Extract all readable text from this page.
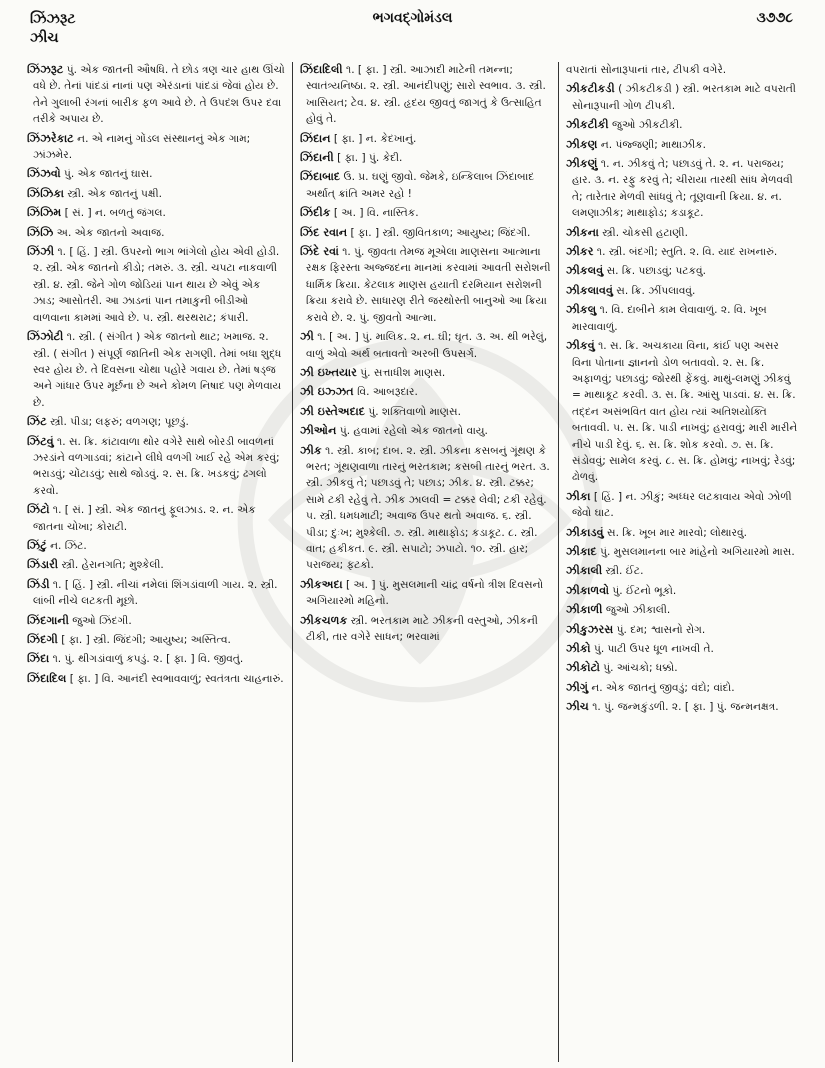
ઝિંઝરૂટ
ઝીચ
ભગવદ્ગોમંડલ	૩૭૭૮
ઝિંઝરૂટ પું. એક જાતની ઔષધિ. તે છોડ ત્રણ ચાર હાથ ઊંચો વધે છે. તેનાં પાંદડાં નાનાં પણ એરંડાનાં પાંદડાં જેવાં હોય છે. તેને ગુલાબી રંગનાં બારીક ફળ આવે છે. તે ઉપદંશ ઉપર દવા તરીકે અપાય છે.
ઝિંઝરેકાટ ન. એ નામનું ગોંડલ સંસ્થાનનું એક ગામ; ઝાંઝમેર.
ઝિંઝવો પું. એક જાતનું ઘાસ.
ઝિંઝિકા સ્ત્રી. એક જાતનું પક્ષી.
ઝિંઝિમ [ સં. ] ન. બળતું જંગલ.
ઝિંઝિ અ. એક જાતનો અવાજ.
ઝિંઝી ૧. [ હિં. ] સ્ત્રી. ઉપરનો ભાગ ભાંગેલો હોય એવી હોડી. ૨. સ્ત્રી. એક જાતનો કીડો; તમરું. ૩. સ્ત્રી. ચપટા નાકવાળી સ્ત્રી. ૪. સ્ત્રી. જેને ગોળ જોડિયાં પાન થાય છે એવું એક ઝાડ; આસોતરી. આ ઝાડનાં પાન તમાકુની બીડીઓ વાળવાના કામમાં આવે છે. ૫. સ્ત્રી. થરથરાટ; કંપારી.
ઝિંઝોટી ૧. સ્ત્રી. ( સંગીત ) એક જાતનો થાટ; ખમાજ. ૨. સ્ત્રી. ( સંગીત ) સંપૂર્ણ જાતિની એક રાગણી. તેમાં બધા શુદ્ધ સ્વર હોય છે. તે દિવસના ચોથા પહોરે ગવાય છે. તેમાં ષડ્જ અને ગાંધાર ઉપર મૂર્છના છે અને કોમળ નિષાદ પણ મેળવાય છે.
ઝિંટ સ્ત્રી. પીડા; લફરું; વળગણ; પૂછડું.
ઝિંટવું ૧. સ. ક્રિ. કાંટાવાળા થોર વગેરે સાથે બોરડી બાવળનાં ઝરડાંને વળગાડવાં; કાંટાને લીધે વળગી ખાઈ રહે એમ કરવું; ભરાડવું; ચોંટાડવું; સાથે જોડવું. ૨. સ. ક્રિ. ખડકવું; ઢગલો કરવો.
ઝિંટો ૧. [ સં. ] સ્ત્રી. એક જાતનું ફૂલઝાડ. ૨. ન. એક જાતના ચોખા; કોરાટી.
ઝિંટું ન. ઝિંટ.
ઝિંડારી સ્ત્રી. હેરાનગતિ; મુશ્કેલી.
ઝિંડી ૧. [ હિં. ] સ્ત્રી. નીચાં નમેલાં શિંગડાંવાળી ગાય. ૨. સ્ત્રી. લાંબી નીચે લટકતી મૂછો.
ઝિંદગાની જુઓ ઝિંદગી.
ઝિંદગી [ ફા. ] સ્ત્રી. જિંદગી; આયુષ્ય; અસ્તિત્વ.
ઝિંદા ૧. પું. થીગડાંવાળું કપડું. ૨. [ ફા. ] વિ. જીવતું.
ઝિંદાદિલ [ ફા. ] વિ. આનંદી સ્વભાવવાળું; સ્વતંત્રતા ચાહનારું.
ઝિંદાદિલી ૧. [ ફા. ] સ્ત્રી. આઝાદી માટેની તમન્ના; સ્વાતંત્ર્યનિષ્ઠા. ૨. સ્ત્રી. આનંદીપણું; સારો સ્વભાવ. ૩. સ્ત્રી. ખાસિયત; ટેવ. ૪. સ્ત્રી. હૃદય જીવતું જાગતું કે ઉત્સાહિત હોવું તે.
ઝિંદાન [ ફા. ] ન. કેદખાનું.
ઝિંદાની [ ફા. ] પું. કેદી.
ઝિંદાબાદ ઉ. પ્ર. ઘણું જીવો. જેમકે, ઇન્કિલાબ ઝિંદાબાદ અર્થાત્ ક્રાંતિ અમર રહો !
ઝિંદીક [ અ. ] વિ. નાસ્તિક.
ઝિંદ રવાન [ ફા. ] સ્ત્રી. જીવિતકાળ; આયુષ્ય; જિંદગી.
ઝિંદે રવાં ૧. પું. જીવતા તેમજ મૂએલા માણસના આત્માના રક્ષક ફિરસ્તા અજ્જદના માનમાં કરવામાં આવતી સરોશની ધાર્મિક ક્રિયા. કેટલાક માણસ હયાતી દરમિયાન સરોશની ક્રિયા કરાવે છે. સાધારણ રીતે જરથોસ્તી બાનુઓ આ ક્રિયા કરાવે છે. ૨. પું. જીવતો આત્મા.
ઝી ૧. [ અ. ] પું. માલિક. ૨. ન. ઘી; ઘૃત. ૩. અ. થી ભરેલું, વાળું એવો અર્થ બતાવતો અરબી ઉપસર્ગ.
ઝી ઇખ્તયાર પું. સત્તાધીશ માણસ.
ઝી ઇઝ્ઝત વિ. આબરૂદાર.
ઝી ઇસ્તેઅદાદ પું. શક્તિવાળો માણસ.
ઝીઓન પું. હવામાં રહેલો એક જાતનો વાયુ.
ઝીક ૧. સ્ત્રી. કાબ; દાબ. ૨. સ્ત્રી. ઝીકના કસબનું ગૂંથણ કે ભરત; ગૂંથણવાળા તારનું ભરતકામ; કસબી તારનું ભરત. ૩. સ્ત્રી. ઝીકવું તે; પછાડવું તે; પછાડ; ઝીક. ૪. સ્ત્રી. ટક્કર; સામે ટકી રહેવું તે. ઝીક ઝાલવી = ટક્કર લેવી; ટકી રહેવું. ૫. સ્ત્રી. ધમધમાટી; અવાજ ઉપર થતો અવાજ. ૬. સ્ત્રી. પીડા; દુઃખ; મુશ્કેલી. ૭. સ્ત્રી. માથાફોડ; કડાકૂટ. ૮. સ્ત્રી. વાત; હકીકત. ૯. સ્ત્રી. સપાટો; ઝપાટો. ૧૦. સ્ત્રી. હાર; પરાજય; ફટકો.
ઝીકઅદા [ અ. ] પું. મુસલમાની ચાંદ્ર વર્ષનો ત્રીશ દિવસનો અગિયારમો મહિનો.
ઝીકચળક સ્ત્રી. ભરતકામ માટે ઝીકની વસ્તુઓ, ઝીકની ટીકી, તાર વગેરે સાધન; ભરવામાં
વપરાતાં સોનારૂપાનાં તાર, ટીપકી વગેરે.
ઝીકટીકડી ( ઝીકટીકડી ) સ્ત્રી. ભરતકામ માટે વપરાતી સોનારૂપાની ગોળ ટીપકી.
ઝીકટીકી જુઓ ઝીકટીકી.
ઝીકણ ન. પંજ્જણી; માથાઝીક.
ઝીકણું ૧. ન. ઝીકવું તે; પછાડવું તે. ૨. ન. પરાજય; હાર. ૩. ન. રફુ કરવું તે; ચીરાયા તારથી સાંધ મેળવવી તે; તારેતાર મેળવી સાંધવું તે; તૂણવાની ક્રિયા. ૪. ન. લમણાઝીક; માથાફોડ; કડાકૂટ.
ઝીકના સ્ત્રી. ચોકસી હટાણી.
ઝીકર ૧. સ્ત્રી. બંદગી; સ્તુતિ. ૨. વિ. યાદ રાખનારું.
ઝીકલવું સ. ક્રિ. પછાડવું; પટકવું.
ઝીકલાવવું સ. ક્રિ. ઝીંપલાવવું.
ઝીકલુ ૧. વિ. દાબીને કામ લેવાવાળું. ૨. વિ. ખૂબ મારવાવાળું.
ઝીકવું ૧. સ. ક્રિ. અચકાયા વિના, કાંઈ પણ અસર વિના પોતાના જ્ઞાનનો ડોળ બતાવવો. ૨. સ. ક્રિ. અફાળવું; પછાડવું; જોરથી ફેંકવું. માથું-લમણું ઝીકવું = માથાકૂટ કરવી. ૩. સ. ક્રિ. આંસુ પાડવાં. ૪. સ. ક્રિ. તદ્દન અસંભવિત વાત હોય ત્યાં અતિશયોક્તિ બતાવવી. ૫. સ. ક્રિ. પાડી નાખવું; હરાવવું; મારી મારીને નીચે પાડી દેવું. ૬. સ. ક્રિ. શોક કરવો. ૭. સ. ક્રિ. સંડોવવું; સામેલ કરવું. ૮. સ. ક્રિ. હોમવું; નાખવું; રેડવું; ઢોળવું.
ઝીકા [ હિં. ] ન. ઝીકું; અધ્ધર લટકાવાય એવો ઝોળી જેવો ઘાટ.
ઝીકાડવું સ. ક્રિ. ખૂબ માર મારવો; લોથારવું.
ઝીકાદ પું. મુસલમાનના બાર માંહેનો અગિયારમો માસ.
ઝીકાલી સ્ત્રી. ઈંટ.
ઝીકાળવો પું. ઈંટનો ભૂકો.
ઝીકાળી જુઓ ઝીકાલી.
ઝીકુઝરસ પું. દમ; શ્વાસનો રોગ.
ઝીકો પું. પાટી ઉપર ધૂળ નાખવી તે.
ઝીકોટો પું. આંચકો; ધક્કો.
ઝીગું ન. એક જાતનું જીવડું; વંદો; વાંદો.
ઝીચ ૧. પું. જન્મકુંડળી. ૨. [ ફા. ] પું. જન્મનક્ષત્ર.
